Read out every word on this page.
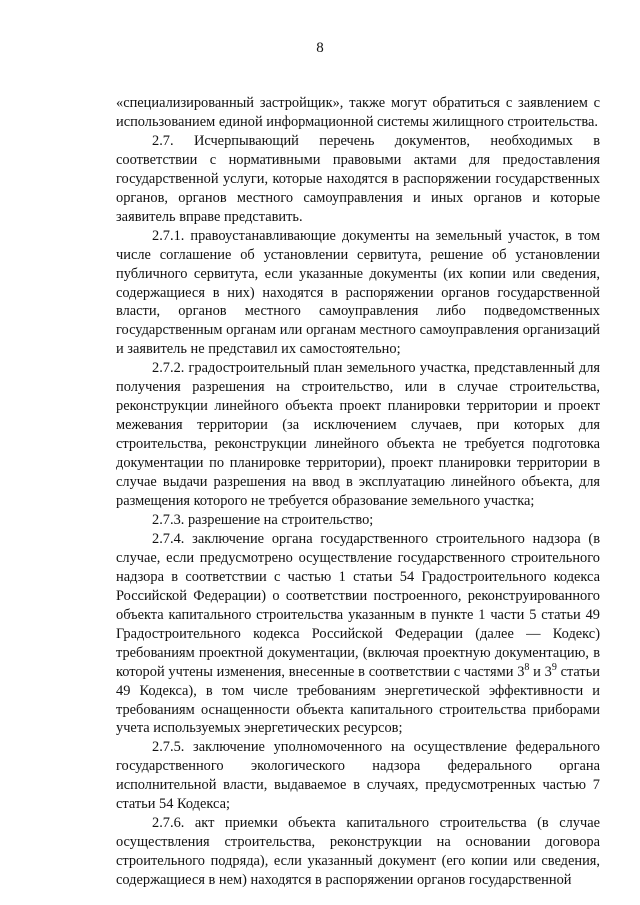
8

«специализированный застройщик», также могут обратиться с заявлением с использованием единой информационной системы жилищного строительства.

2.7. Исчерпывающий перечень документов, необходимых в соответствии с нормативными правовыми актами для предоставления государственной услуги, которые находятся в распоряжении государственных органов, органов местного самоуправления и иных органов и которые заявитель вправе представить.

2.7.1. правоустанавливающие документы на земельный участок, в том числе соглашение об установлении сервитута, решение об установлении публичного сервитута, если указанные документы (их копии или сведения, содержащиеся в них) находятся в распоряжении органов государственной власти, органов местного самоуправления либо подведомственных государственным органам или органам местного самоуправления организаций и заявитель не представил их самостоятельно;

2.7.2. градостроительный план земельного участка, представленный для получения разрешения на строительство, или в случае строительства, реконструкции линейного объекта проект планировки территории и проект межевания территории (за исключением случаев, при которых для строительства, реконструкции линейного объекта не требуется подготовка документации по планировке территории), проект планировки территории в случае выдачи разрешения на ввод в эксплуатацию линейного объекта, для размещения которого не требуется образование земельного участка;

2.7.3. разрешение на строительство;

2.7.4. заключение органа государственного строительного надзора (в случае, если предусмотрено осуществление государственного строительного надзора в соответствии с частью 1 статьи 54 Градостроительного кодекса Российской Федерации) о соответствии построенного, реконструированного объекта капитального строительства указанным в пункте 1 части 5 статьи 49 Градостроительного кодекса Российской Федерации (далее — Кодекс) требованиям проектной документации, (включая проектную документацию, в которой учтены изменения, внесенные в соответствии с частями $3^8$ и $3^9$ статьи 49 Кодекса), в том числе требованиям энергетической эффективности и требованиям оснащенности объекта капитального строительства приборами учета используемых энергетических ресурсов;

2.7.5. заключение уполномоченного на осуществление федерального государственного экологического надзора федерального органа исполнительной власти, выдаваемое в случаях, предусмотренных частью 7 статьи 54 Кодекса;

2.7.6. акт приемки объекта капитального строительства (в случае осуществления строительства, реконструкции на основании договора строительного подряда), если указанный документ (его копии или сведения, содержащиеся в нем) находятся в распоряжении органов государственной
